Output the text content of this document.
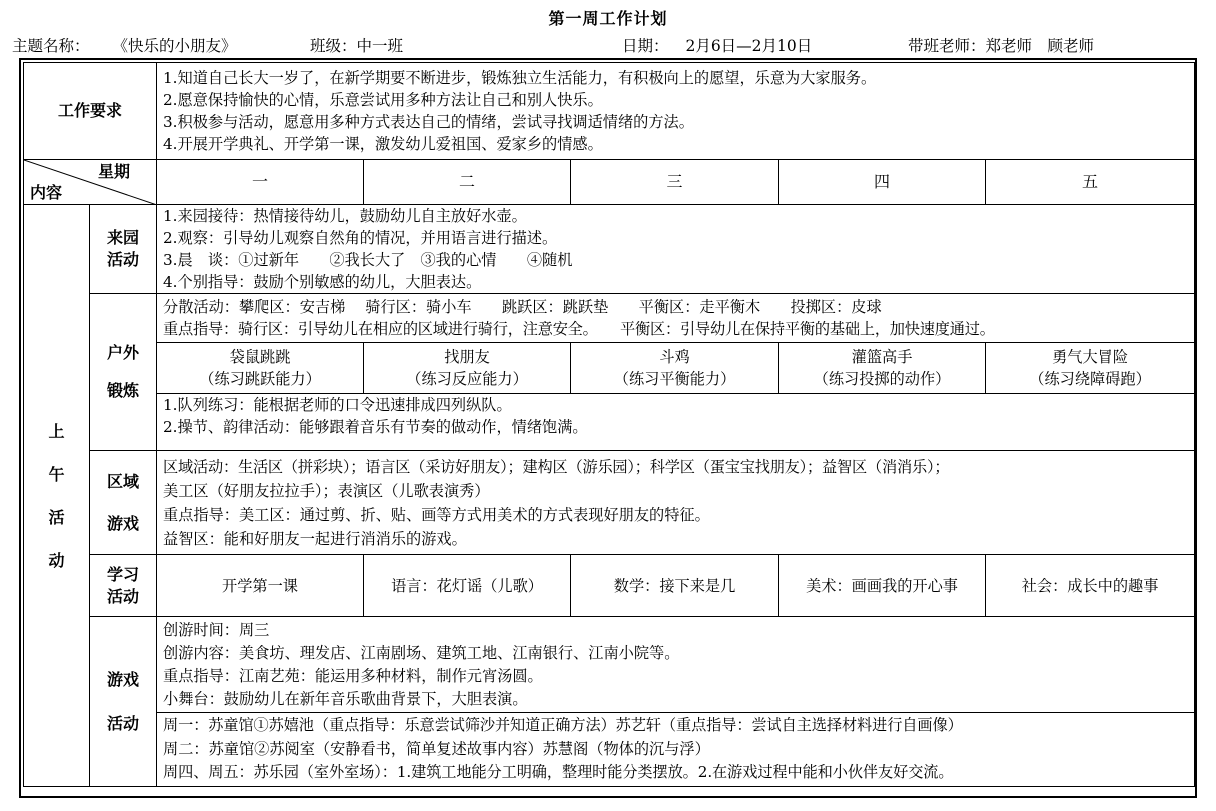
第一周工作计划
主题名称： 《快乐的小朋友》	班级：中一班	日期： 2月6日—2月10日	带班老师：郑老师　顾老师
工作要求		1.知道自己长大一岁了，在新学期要不断进步，锻炼独立生活能力，有积极向上的愿望，乐意为大家服务。
2.愿意保持愉快的心情，乐意尝试用多种方法让自己和别人快乐。
3.积极参与活动，愿意用多种方式表达自己的情绪，尝试寻找调适情绪的方法。
4.开展开学典礼、开学第一课，激发幼儿爱祖国、爱家乡的情感。				

星期
内容		一	二	三	四	五

上
午
活
动	来园
活动	1.来园接待：热情接待幼儿，鼓励幼儿自主放好水壶。
2.观察：引导幼儿观察自然角的情况，并用语言进行描述。
3.晨　谈：①过新年　　②我长大了　③我的心情　　④随机
4.个别指导：鼓励个别敏感的幼儿，大胆表达。				

	户外
锻炼	分散活动：攀爬区：安吉梯　 骑行区：骑小车　　跳跃区：跳跃垫　　平衡区：走平衡木　　投掷区：皮球
重点指导：骑行区：引导幼儿在相应的区域进行骑行，注意安全。　　平衡区：引导幼儿在保持平衡的基础上，加快速度通过。				

		袋鼠跳跳
（练习跳跃能力）	找朋友
（练习反应能力）	斗鸡
（练习平衡能力）	灌篮高手
（练习投掷的动作）	勇气大冒险
（练习绕障碍跑）

		1.队列练习：能根据老师的口令迅速排成四列纵队。
2.操节、韵律活动：能够跟着音乐有节奏的做动作，情绪饱满。				

	区域
游戏	区域活动：生活区（拼彩块）；语言区（采访好朋友）；建构区（游乐园）；科学区（蛋宝宝找朋友）；益智区（消消乐）；
美工区（好朋友拉拉手）；表演区（儿歌表演秀）
重点指导：美工区：通过剪、折、贴、画等方式用美术的方式表现好朋友的特征。
益智区：能和好朋友一起进行消消乐的游戏。				

	学习
活动	开学第一课	语言：花灯谣（儿歌）	数学：接下来是几	美术：画画我的开心事	社会：成长中的趣事

	游戏
活动	创游时间：周三
创游内容：美食坊、理发店、江南剧场、建筑工地、江南银行、江南小院等。
重点指导：江南艺苑：能运用多种材料，制作元宵汤圆。
小舞台：鼓励幼儿在新年音乐歌曲背景下，大胆表演。				

		周一：苏童馆①苏嬉池（重点指导：乐意尝试筛沙并知道正确方法）苏艺轩（重点指导：尝试自主选择材料进行自画像）
周二：苏童馆②苏阅室（安静看书，简单复述故事内容）苏慧阁（物体的沉与浮）
周四、周五：苏乐园（室外室场）：1.建筑工地能分工明确，整理时能分类摆放。2.在游戏过程中能和小伙伴友好交流。				
